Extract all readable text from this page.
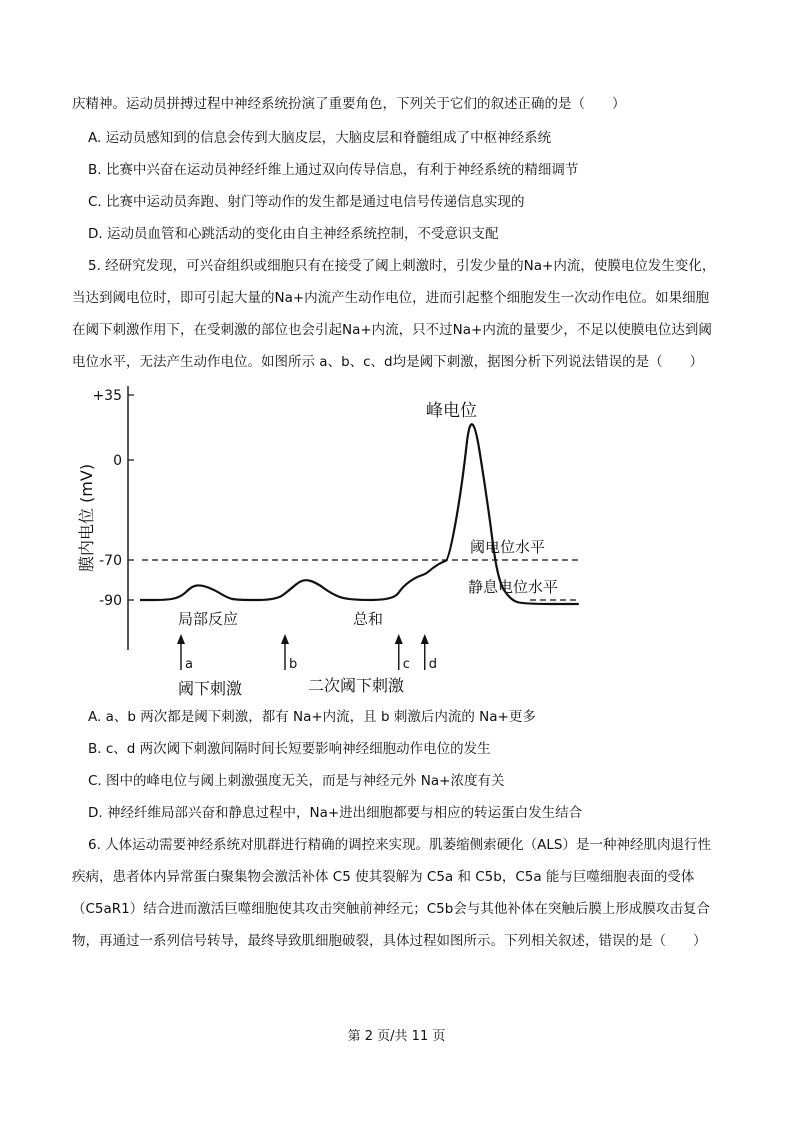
庆精神。运动员拼搏过程中神经系统扮演了重要角色，下列关于它们的叙述正确的是（　　）
A. 运动员感知到的信息会传到大脑皮层，大脑皮层和脊髓组成了中枢神经系统
B. 比赛中兴奋在运动员神经纤维上通过双向传导信息，有利于神经系统的精细调节
C. 比赛中运动员奔跑、射门等动作的发生都是通过电信号传递信息实现的
D. 运动员血管和心跳活动的变化由自主神经系统控制，不受意识支配
5. 经研究发现，可兴奋组织或细胞只有在接受了阈上刺激时，引发少量的Na+内流，使膜电位发生变化，
当达到阈电位时，即可引起大量的Na+内流产生动作电位，进而引起整个细胞发生一次动作电位。如果细胞
在阈下刺激作用下，在受刺激的部位也会引起Na+内流，只不过Na+内流的量要少，不足以使膜电位达到阈
电位水平，无法产生动作电位。如图所示 a、b、c、d均是阈下刺激，据图分析下列说法错误的是（　　）
+35
0
-70
-90
膜内电位 (mV)	阈电位水平
静息电位水平
峰电位
局部反应	总和
a	b	c d
阈下刺激	二次阈下刺激
A. a、b 两次都是阈下刺激，都有 Na+内流，且 b 刺激后内流的 Na+更多
B. c、d 两次阈下刺激间隔时间长短要影响神经细胞动作电位的发生
C. 图中的峰电位与阈上刺激强度无关，而是与神经元外 Na+浓度有关
D. 神经纤维局部兴奋和静息过程中，Na+进出细胞都要与相应的转运蛋白发生结合
6. 人体运动需要神经系统对肌群进行精确的调控来实现。肌萎缩侧索硬化（ALS）是一种神经肌肉退行性
疾病，患者体内异常蛋白聚集物会激活补体 C5 使其裂解为 C5a 和 C5b，C5a 能与巨噬细胞表面的受体
（C5aR1）结合进而激活巨噬细胞使其攻击突触前神经元；C5b会与其他补体在突触后膜上形成膜攻击复合
物，再通过一系列信号转导，最终导致肌细胞破裂，具体过程如图所示。下列相关叙述，错误的是（　　）
第 2 页/共 11 页
